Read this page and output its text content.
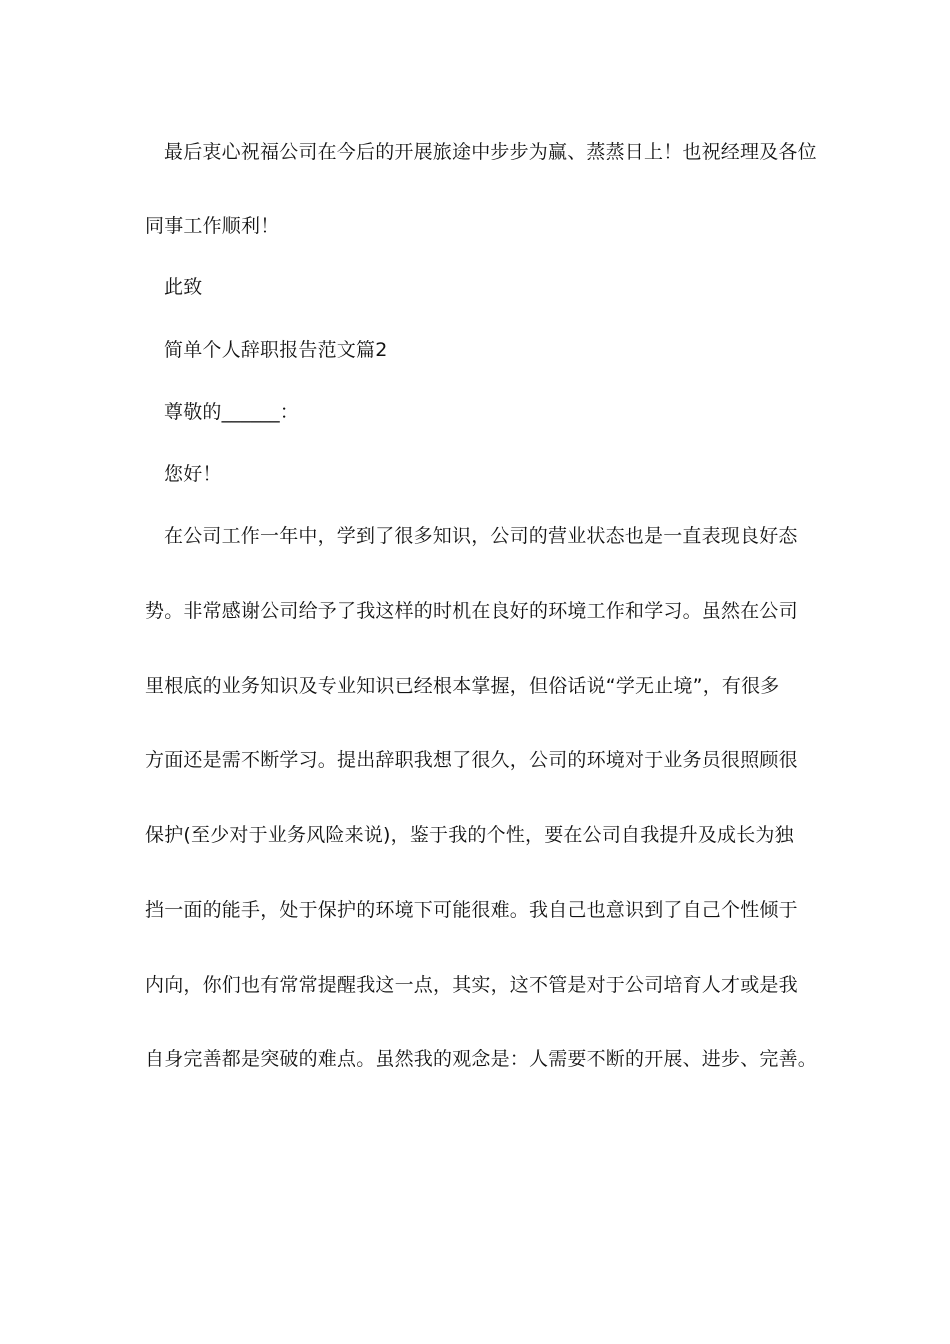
最后衷心祝福公司在今后的开展旅途中步步为赢、蒸蒸日上！也祝经理及各位
同事工作顺利！
此致
简单个人辞职报告范文篇2
尊敬的______：
您好！
在公司工作一年中，学到了很多知识，公司的营业状态也是一直表现良好态
势。非常感谢公司给予了我这样的时机在良好的环境工作和学习。虽然在公司
里根底的业务知识及专业知识已经根本掌握，但俗话说“学无止境”，有很多
方面还是需不断学习。提出辞职我想了很久，公司的环境对于业务员很照顾很
保护(至少对于业务风险来说)，鉴于我的个性，要在公司自我提升及成长为独
挡一面的能手，处于保护的环境下可能很难。我自己也意识到了自己个性倾于
内向，你们也有常常提醒我这一点，其实，这不管是对于公司培育人才或是我
自身完善都是突破的难点。虽然我的观念是：人需要不断的开展、进步、完善。
